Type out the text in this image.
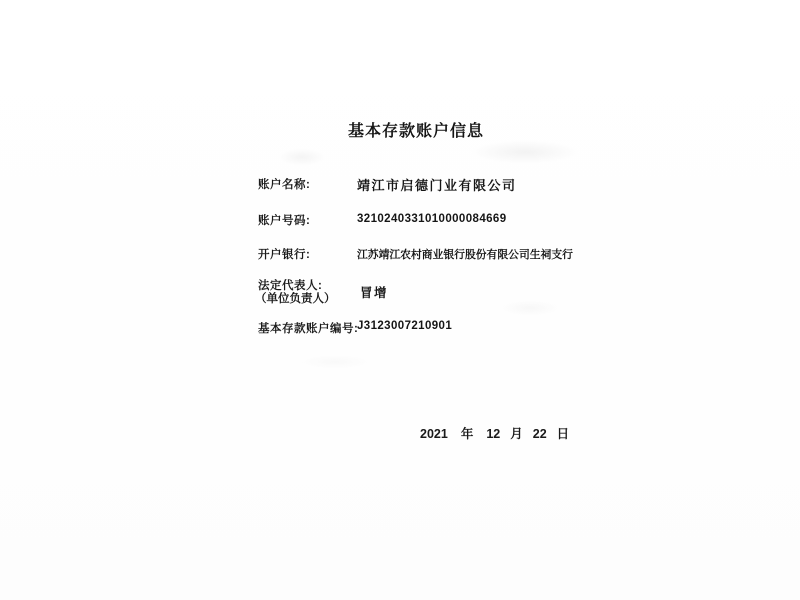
基本存款账户信息
账户名称:	靖江市启德门业有限公司
账户号码:	3210240331010000084669
开户银行:	江苏靖江农村商业银行股份有限公司生祠支行
法定代表人:
（单位负责人） 冒增
基本存款账户编号:
J3123007210901
2021 年 12 月 22 日
